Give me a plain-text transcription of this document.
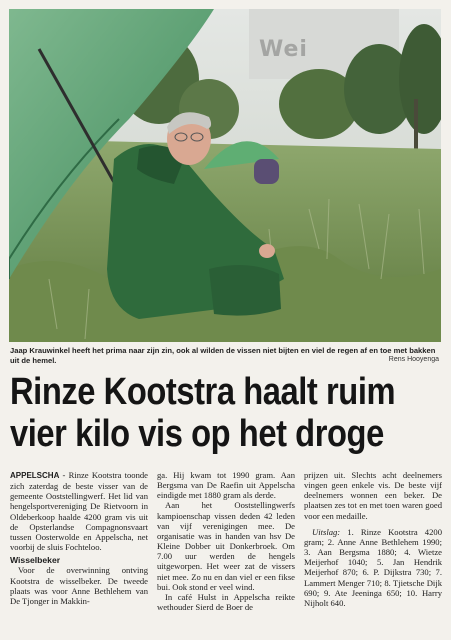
Wei
Jaap Krauwinkel heeft het prima naar zijn zin, ook al wilden de vissen niet bijten en viel de regen af en toe met bakken uit de hemel.	Rens Hooyenga
Rinze Kootstra haalt ruim
vier kilo vis op het droge

APPELSCHA - Rinze Kootstra toonde zich zaterdag de beste visser van de gemeente Ooststellingwerf. Het lid van hengelsportvereniging De Rietvoorn in Oldeberkoop haalde 4200 gram vis uit de Opsterlandse Compagnonsvaart tussen Oosterwolde en Appelscha, net voorbij de sluis Fochteloo.

Wisselbeker

Voor de overwinning ontving Kootstra de wisselbeker. De tweede plaats was voor Anne Bethlehem van De Tjonger in Makkin-

ga. Hij kwam tot 1990 gram. Aan Bergsma van De Raefin uit Appelscha eindigde met 1880 gram als derde.

Aan het Ooststellingwerfs kampioenschap vissen deden 42 leden van vijf verenigingen mee. De organisatie was in handen van hsv De Kleine Dobber uit Donkerbroek. Om 7.00 uur werden de hengels uitgeworpen. Het weer zat de vissers niet mee. Zo nu en dan viel er een fikse bui. Ook stond er veel wind.

In café Hulst in Appelscha reikte wethouder Sierd de Boer de

prijzen uit. Slechts acht deelnemers vingen geen enkele vis. De beste vijf deelnemers wonnen een beker. De plaatsen zes tot en met toen waren goed voor een medaille.

Uitslag: 1. Rinze Kootstra 4200 gram; 2. Anne Anne Bethlehem 1990; 3. Aan Bergsma 1880; 4. Wietze Meijerhof 1040; 5. Jan Hendrik Meijerhof 870; 6. P. Dijkstra 730; 7. Lammert Menger 710; 8. Tjietsche Dijk 690; 9. Ate Jeeninga 650; 10. Harry Nijholt 640.
